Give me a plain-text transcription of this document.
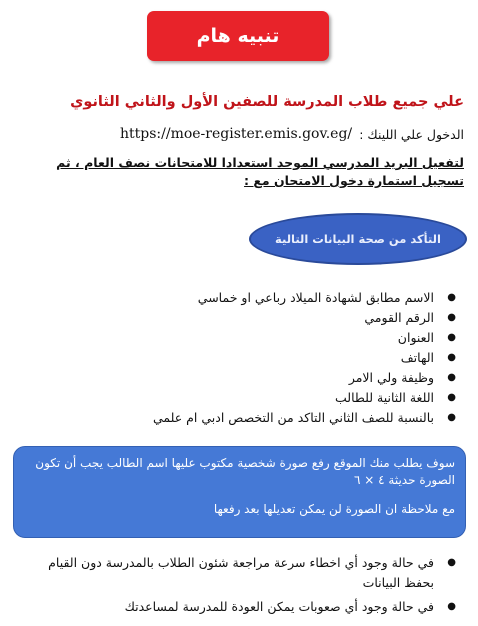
تنبيه هام
علي جميع طلاب المدرسة للصفين الأول والثاني الثانوي
الدخول علي اللينك :
https://moe-register.emis.gov.eg/
لتفعيل البريد المدرسي الموحد استعدادا للامتحانات نصف العام ، ثم تسجيل استمارة دخول الامتحان مع :
التأكد من صحة البيانات التالية
●
الاسم مطابق لشهادة الميلاد رباعي او خماسي
●
الرقم القومي
●
العنوان
●
الهاتف
●
وظيفة ولي الامر
●
اللغة الثانية للطالب
●
بالنسبة للصف الثاني التاكد من التخصص ادبي ام علمي
سوف يطلب منك الموقع رفع صورة شخصية مكتوب عليها اسم الطالب يجب أن تكون الصورة حديثة ٤ × ٦
مع ملاحظة ان الصورة لن يمكن تعديلها بعد رفعها
●
في حالة وجود أي اخطاء سرعة مراجعة شئون الطلاب بالمدرسة دون القيام بحفظ البيانات
●
في حالة وجود أي صعوبات يمكن العودة للمدرسة لمساعدتك
